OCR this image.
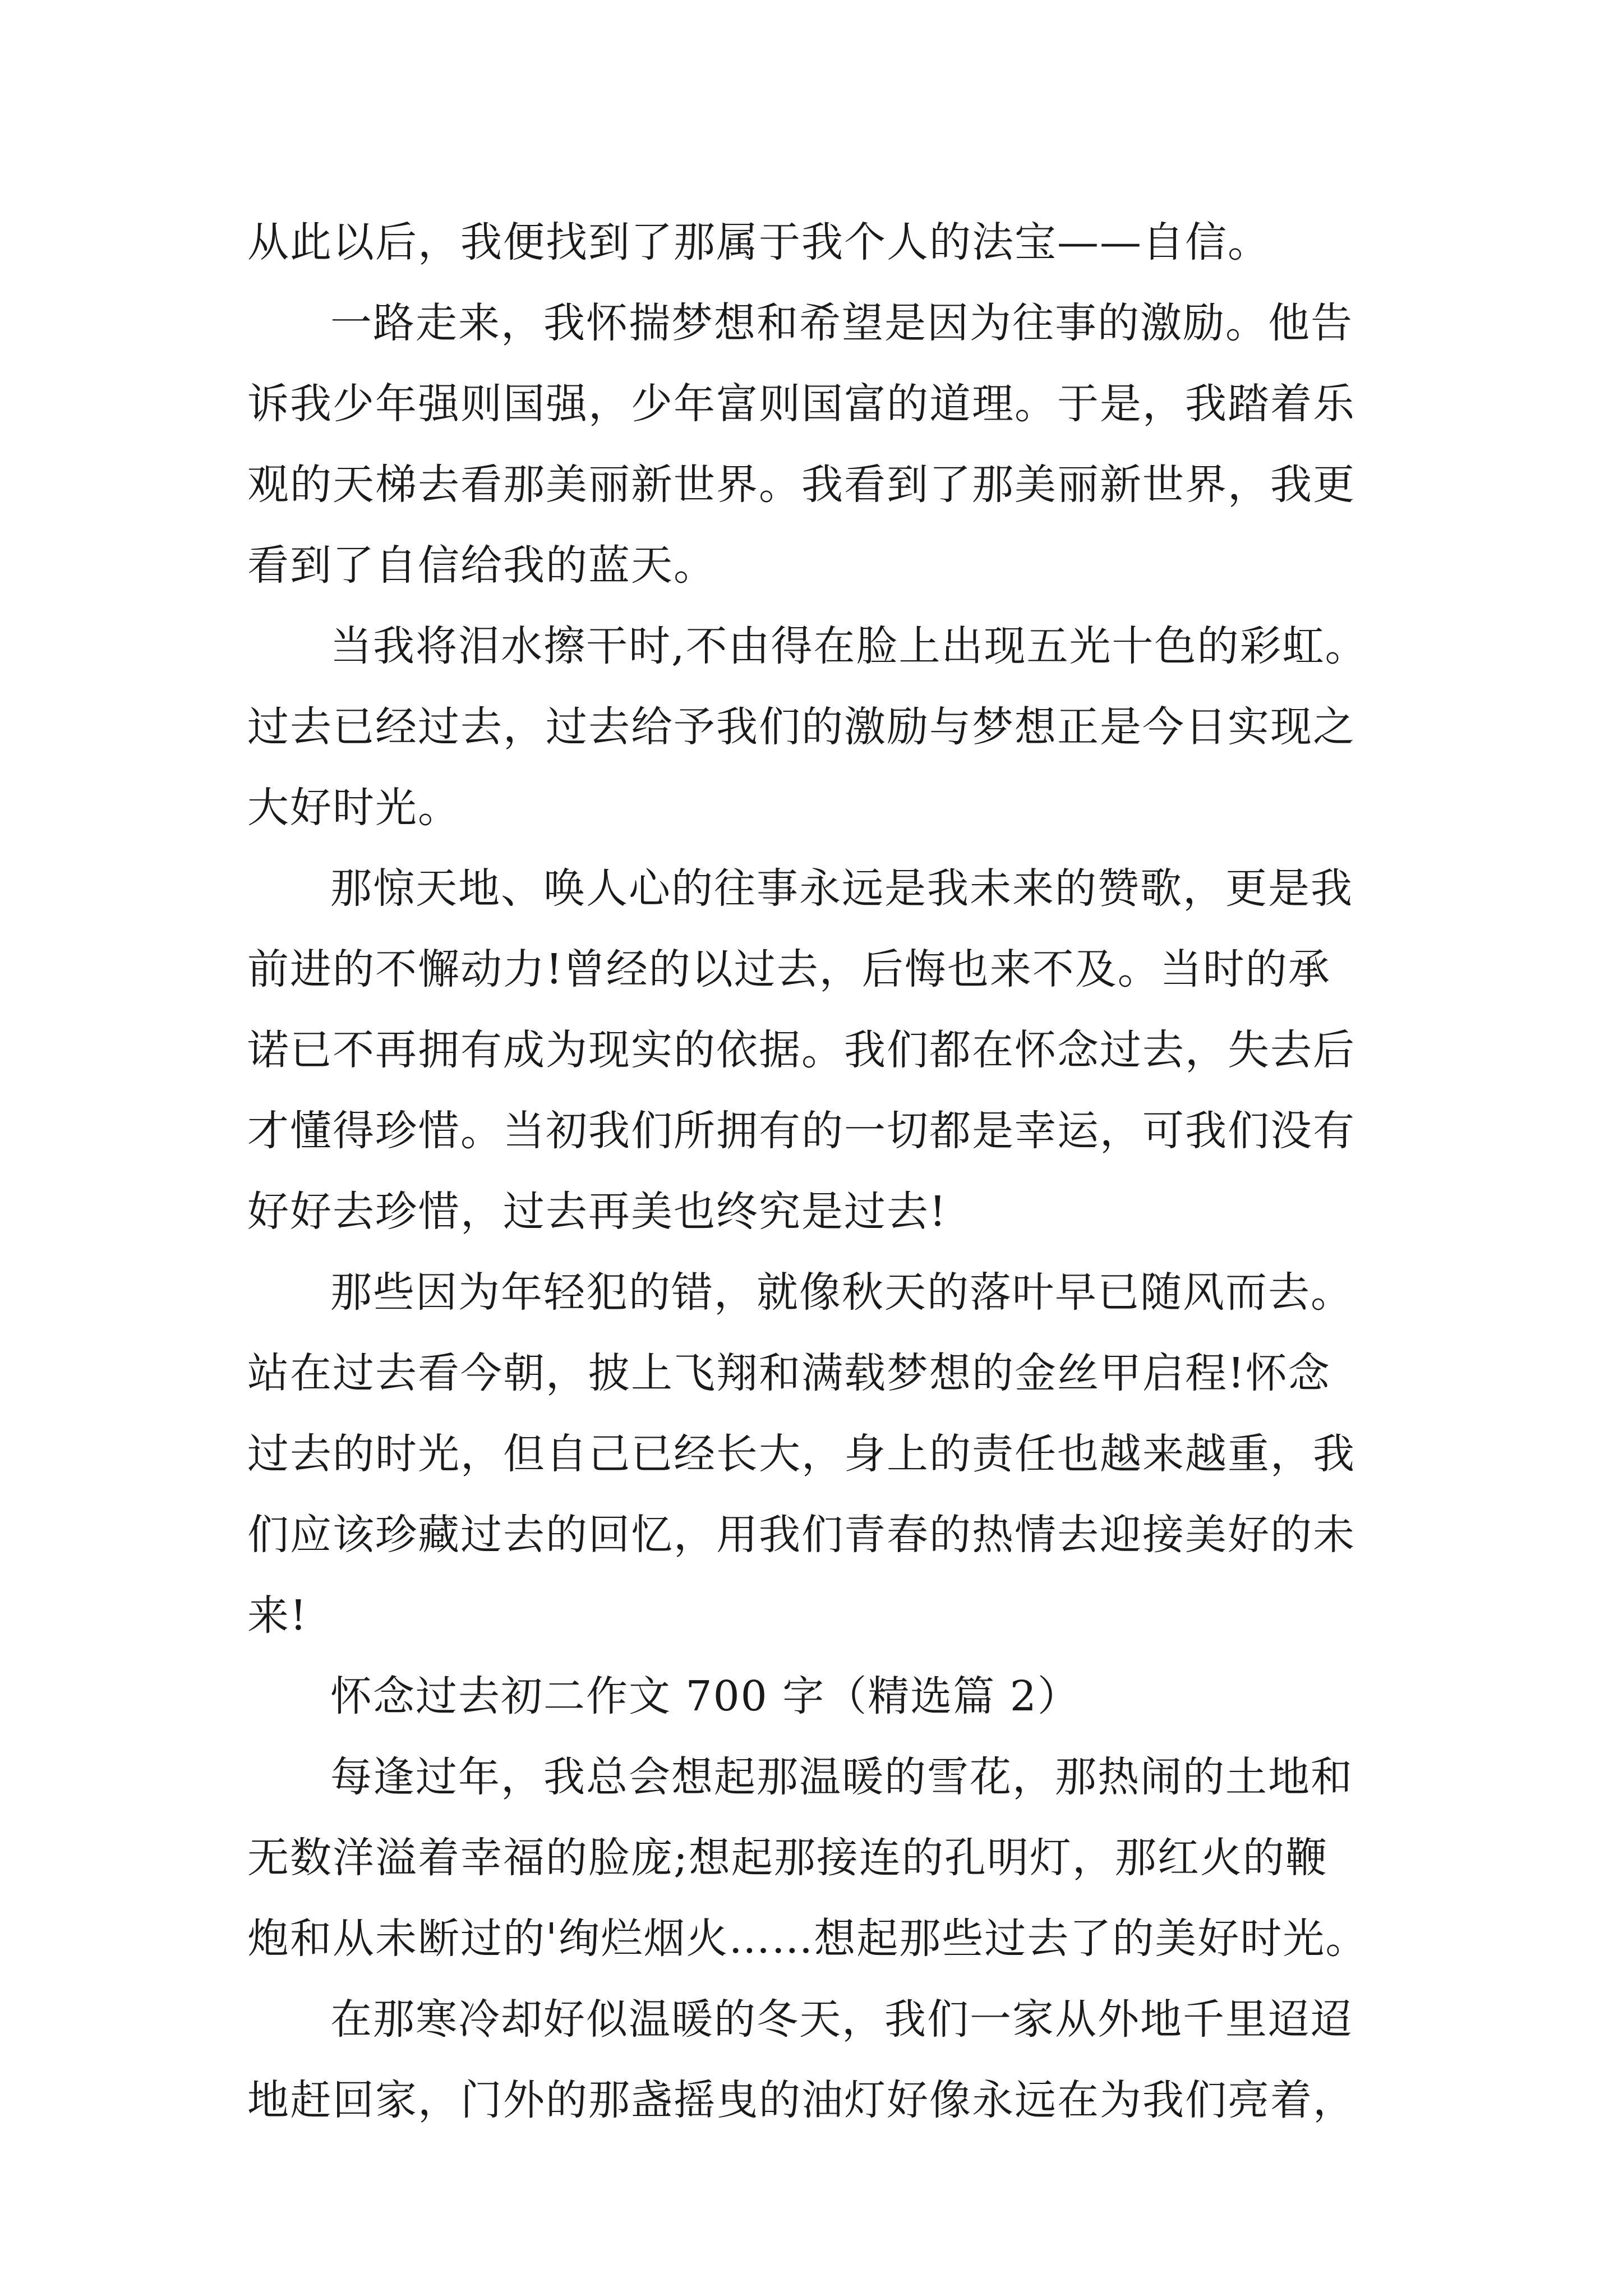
从此以后，我便找到了那属于我个人的法宝——自信。
一路走来，我怀揣梦想和希望是因为往事的激励。他告
诉我少年强则国强，少年富则国富的道理。于是，我踏着乐
观的天梯去看那美丽新世界。我看到了那美丽新世界，我更
看到了自信给我的蓝天。
当我将泪水擦干时,不由得在脸上出现五光十色的彩虹。
过去已经过去，过去给予我们的激励与梦想正是今日实现之
大好时光。
那惊天地、唤人心的往事永远是我未来的赞歌，更是我
前进的不懈动力!曾经的以过去，后悔也来不及。当时的承
诺已不再拥有成为现实的依据。我们都在怀念过去，失去后
才懂得珍惜。当初我们所拥有的一切都是幸运，可我们没有
好好去珍惜，过去再美也终究是过去!
那些因为年轻犯的错，就像秋天的落叶早已随风而去。
站在过去看今朝，披上飞翔和满载梦想的金丝甲启程!怀念
过去的时光，但自己已经长大，身上的责任也越来越重，我
们应该珍藏过去的回忆，用我们青春的热情去迎接美好的未
来!
怀念过去初二作文 700 字（精选篇 2）
每逢过年，我总会想起那温暖的雪花，那热闹的土地和
无数洋溢着幸福的脸庞;想起那接连的孔明灯，那红火的鞭
炮和从未断过的'绚烂烟火……想起那些过去了的美好时光。
在那寒冷却好似温暖的冬天，我们一家从外地千里迢迢
地赶回家，门外的那盏摇曳的油灯好像永远在为我们亮着，
